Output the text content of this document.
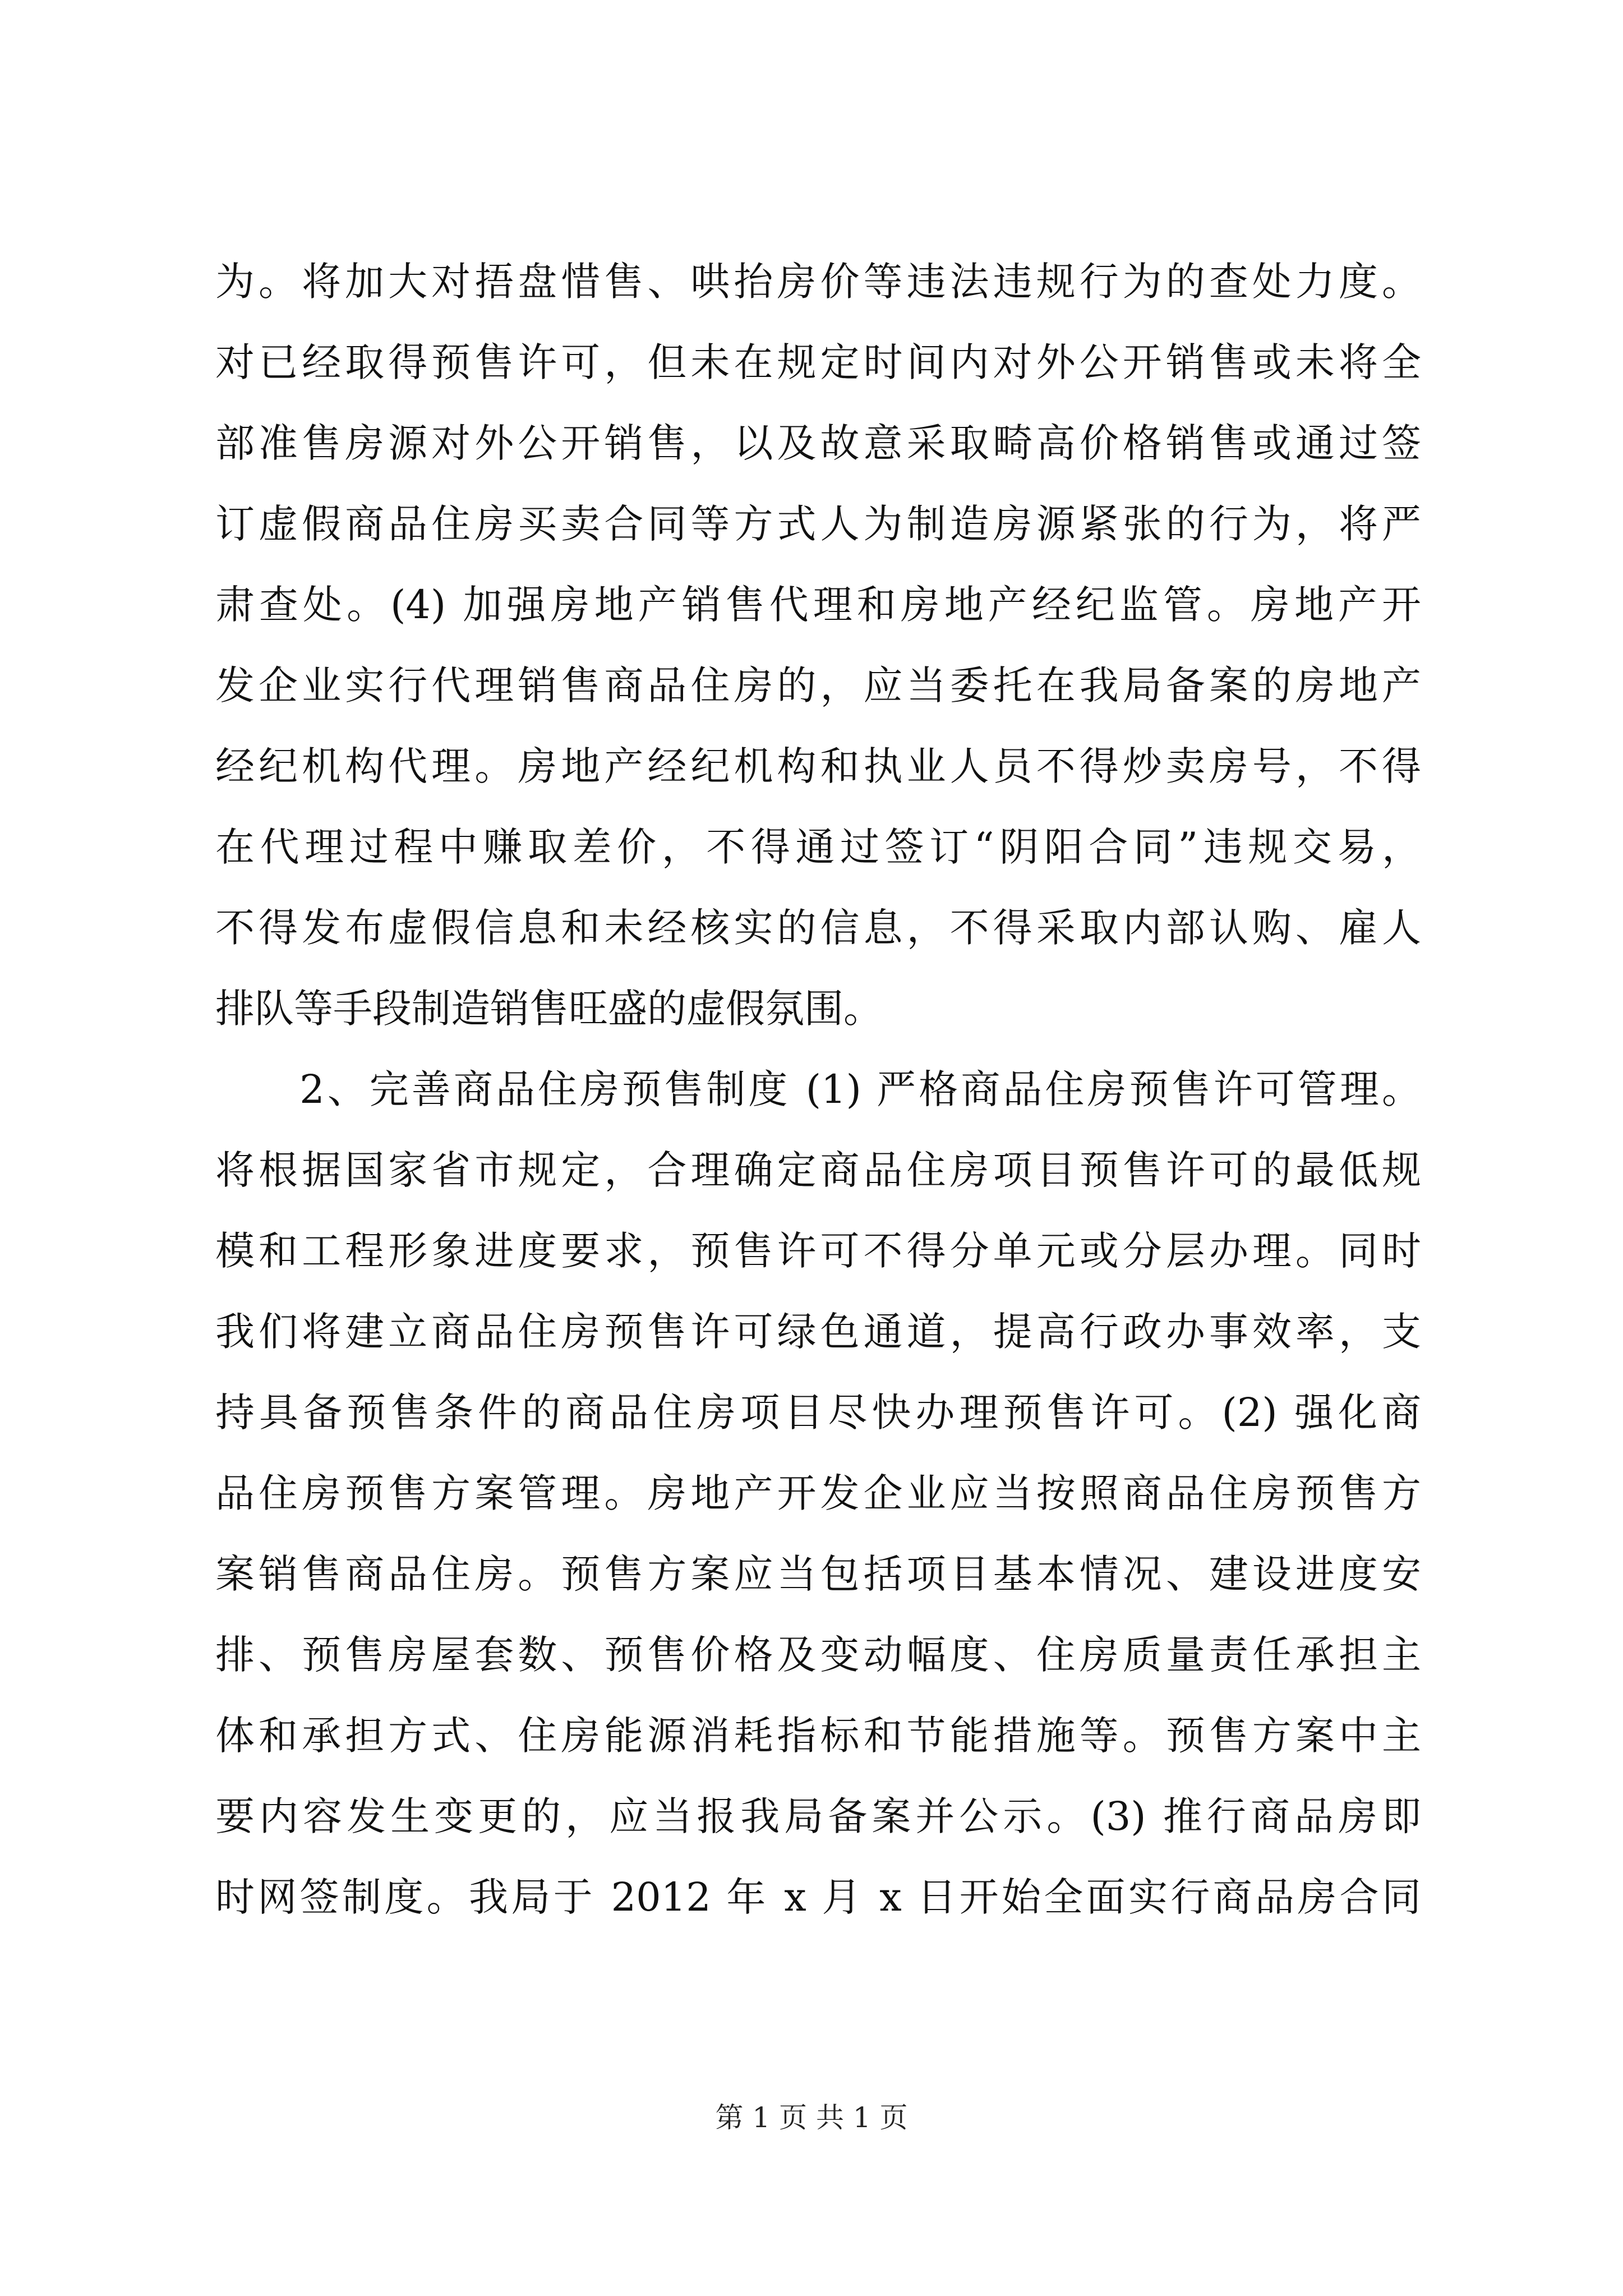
为。将加大对捂盘惜售、哄抬房价等违法违规行为的查处力度。
对已经取得预售许可，但未在规定时间内对外公开销售或未将全
部准售房源对外公开销售，以及故意采取畸高价格销售或通过签
订虚假商品住房买卖合同等方式人为制造房源紧张的行为，将严
肃查处。(4) 加强房地产销售代理和房地产经纪监管。房地产开
发企业实行代理销售商品住房的，应当委托在我局备案的房地产
经纪机构代理。房地产经纪机构和执业人员不得炒卖房号，不得
在代理过程中赚取差价，不得通过签订“阴阳合同”违规交易，
不得发布虚假信息和未经核实的信息，不得采取内部认购、雇人
排队等手段制造销售旺盛的虚假氛围。
　　2、完善商品住房预售制度 (1) 严格商品住房预售许可管理。
将根据国家省市规定，合理确定商品住房项目预售许可的最低规
模和工程形象进度要求，预售许可不得分单元或分层办理。同时
我们将建立商品住房预售许可绿色通道，提高行政办事效率，支
持具备预售条件的商品住房项目尽快办理预售许可。(2) 强化商
品住房预售方案管理。房地产开发企业应当按照商品住房预售方
案销售商品住房。预售方案应当包括项目基本情况、建设进度安
排、预售房屋套数、预售价格及变动幅度、住房质量责任承担主
体和承担方式、住房能源消耗指标和节能措施等。预售方案中主
要内容发生变更的，应当报我局备案并公示。(3) 推行商品房即
时网签制度。我局于 2012 年 x 月 x 日开始全面实行商品房合同
第 1 页 共 1 页
